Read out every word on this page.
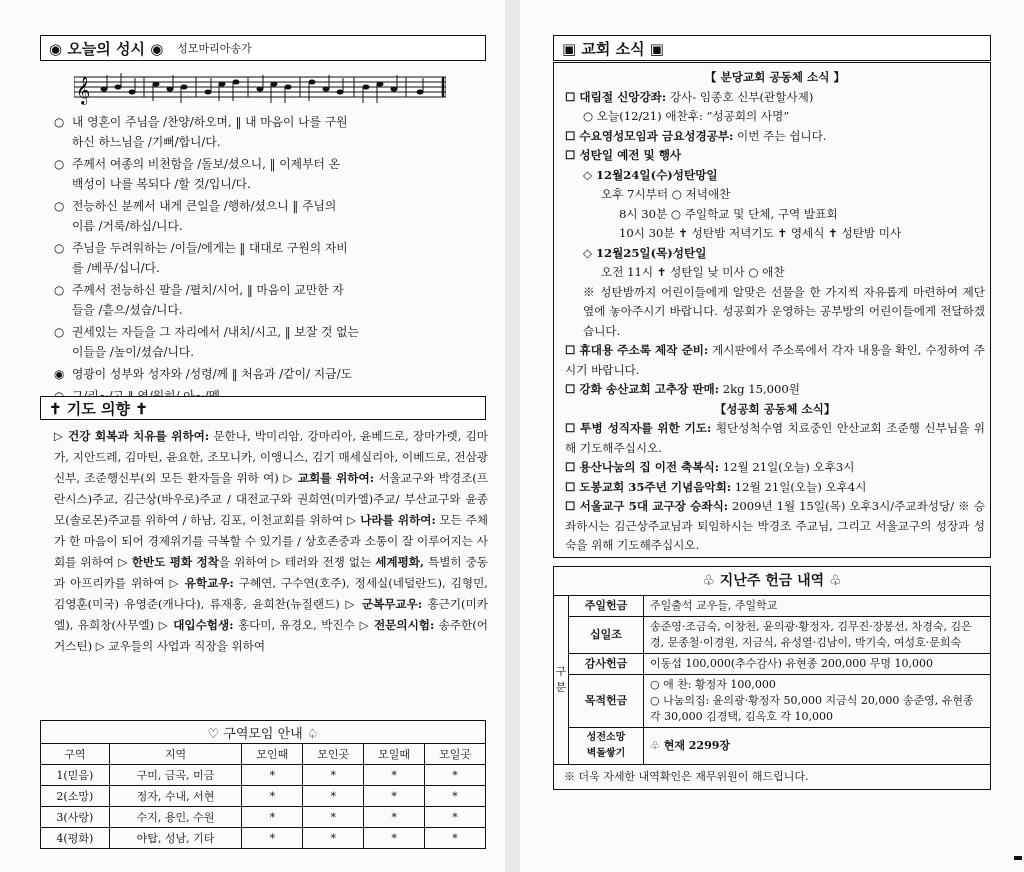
◉ 오늘의 성시 ◉ 성모마리아송가
𝄞
○ 내 영혼이 주님을 /찬양/하오며, ‖ 내 마음이 나를 구원
하신 하느님을 /기뻐/합니/다.
○ 주께서 여종의 비천함을 /돌보/셨으니, ‖ 이제부터 온
백성이 나를 복되다 /할 것/입니/다.
○ 전능하신 분께서 내게 큰일을 /행하/셨으니 ‖ 주님의
이름 /거룩/하십/니다.
○ 주님을 두려워하는 /이들/에게는 ‖ 대대로 구원의 자비
를 /베푸/십니/다.
○ 주께서 전능하신 팔을 /펼치/시어, ‖ 마음이 교만한 자
들을 /흩으/셨습/니다.
○ 권세있는 자들을 그 자리에서 /내치/시고, ‖ 보잘 것 없는
이들을 /높이/셨습/니다.
◉ 영광이 성부와 성자와 /성령/께 ‖ 처음과 /같이/ 지금/도
✝ 기도 의향 ✝
▷ 건강 회복과 치유를 위하여: 문한나, 박미리암, 강마리아, 윤베드로, 장마가렛, 김마가, 지안드레, 김마틴, 윤요한, 조모니카, 이앵니스, 김기 매세실리아, 이베드로, 전삼광신부, 조준행신부(외 모든 환자들을 위하 여) ▷ 교회를 위하여: 서울교구와 박경조(프란시스)주교, 김근상(바우로)주교 / 대전교구와 권희연(미카엘)주교/ 부산교구와 윤종모(솔로몬)주교를 위하여 / 하남, 김포, 이천교회를 위하여 ▷ 나라를 위하여: 모든 주체가 한 마음이 되어 경제위기를 극복할 수 있기를 / 상호존중과 소통이 잘 이루어지는 사회를 위하여 ▷ 한반도 평화 정착을 위하여 ▷ 테러와 전쟁 없는 세계평화, 특별히 중동과 아프리카를 위하여 ▷ 유학교우: 구혜연, 구수연(호주), 정세실(네덜란드), 김형민, 김영훈(미국) 유영준(캐나다), 류재홍, 윤희찬(뉴질랜드) ▷ 군복무교우: 홍근기(미카엘), 유희창(사무엘) ▷ 대입수험생: 홍다미, 유경오, 박진수 ▷ 전문의시험: 송주한(어거스틴) ▷ 교우들의 사업과 직장을 위하여
♡ 구역모임 안내 ♤					
구역	지역	모인때	모인곳	모일때	모일곳
1(믿음)	구미, 금곡, 미금	*	*	*	*
2(소망)	정자, 수내, 서현	*	*	*	*
3(사랑)	수지, 용인, 수원	*	*	*	*
4(평화)	야탑, 성남, 기타	*	*	*	*
▣ 교회 소식 ▣
【 분당교회 공동체 소식 】
☐ 대림절 신앙강좌: 강사- 임종호 신부(관할사제)
○ 오늘(12/21) 애찬후: “성공회의 사명”
☐ 수요영성모임과 금요성경공부: 이번 주는 쉽니다.
☐ 성탄일 예전 및 행사
◇ 12월24일(수)성탄망일
오후 7시부터 ○ 저녁애찬
8시 30분 ○ 주일학교 및 단체, 구역 발표회
10시 30분 ✝ 성탄밤 저녁기도 ✝ 영세식 ✝ 성탄밤 미사
◇ 12월25일(목)성탄일
오전 11시 ✝ 성탄일 낮 미사 ○ 애찬
※ 성탄밤까지 어린이들에게 알맞은 선물을 한 가지씩 자유롭게 마련하여 제단 옆에 놓아주시기 바랍니다. 성공회가 운영하는 공부방의 어린이들에게 전달하겠습니다.
☐ 휴대용 주소록 제작 준비: 게시판에서 주소록에서 각자 내용을 확인, 수정하여 주시기 바랍니다.
☐ 강화 송산교회 고추장 판매: 2kg 15,000원
【성공회 공동체 소식】
☐ 투병 성직자를 위한 기도: 횡단성척수염 치료중인 안산교회 조준행 신부님을 위해 기도해주십시오.
☐ 용산나눔의 집 이전 축복식: 12월 21일(오늘) 오후3시
☐ 도봉교회 35주년 기념음악회: 12월 21일(오늘) 오후4시
☐ 서울교구 5대 교구장 승좌식: 2009년 1월 15일(목) 오후3시/주교좌성당/ ※ 승좌하시는 김근상주교님과 퇴임하시는 박경조 주교님, 그리고 서울교구의 성장과 성숙을 위해 기도해주십시오.
♧ 지난주 헌금 내역 ♧		
구분	주일헌금	주일출석 교우들, 주일학교
	십일조	송준영·조금숙, 이창천, 윤의광·황정자, 김무진·장봉선, 차경숙, 김은경, 문종철·이경원, 지금식, 유성열·김남이, 박기숙, 여성호·문희숙
	감사헌금	이동섭 100,000(추수감사) 유현종 200,000 무명 10,000
	목적헌금	○ 애 찬: 황정자 100,000
○ 나눔의집: 윤의광·황정자 50,000 지금식 20,000 송준영, 유현종 각 30,000 김경택, 김옥호 각 10,000
	성전소망
벽돌쌓기	♧ 현재 2299장
※ 더욱 자세한 내역확인은 재무위원이 해드립니다.		
